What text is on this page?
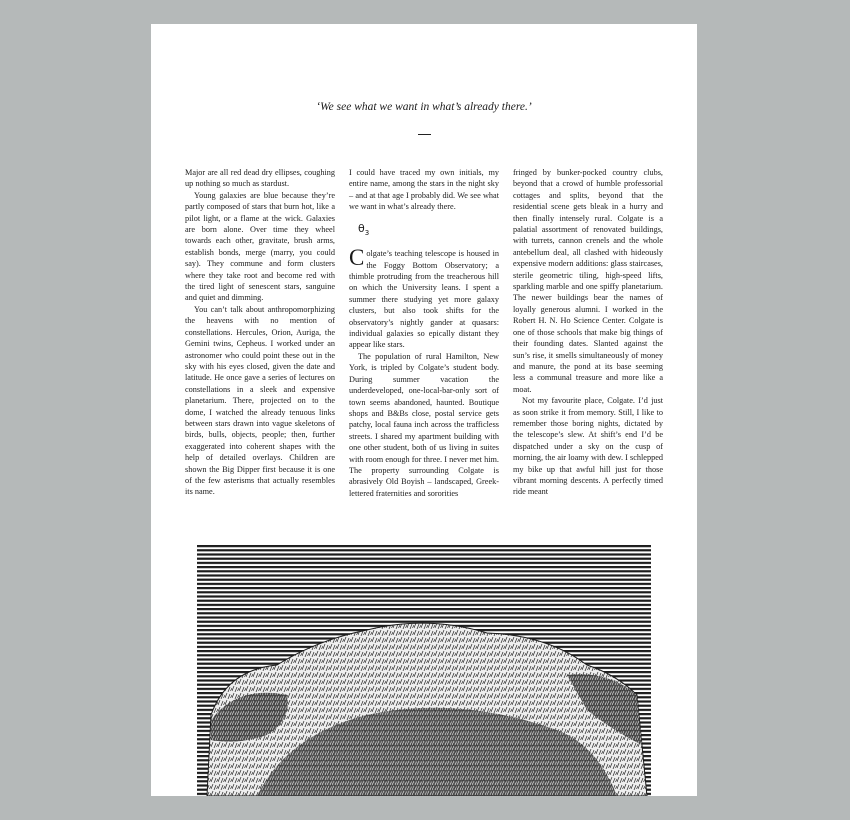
‘We see what we want in what’s already there.’

Major are all red dead dry ellipses, coughing up nothing so much as stardust.

Young galaxies are blue because they’re partly composed of stars that burn hot, like a pilot light, or a flame at the wick. Galaxies are born alone. Over time they wheel towards each other, gravitate, brush arms, establish bonds, merge (marry, you could say). They commune and form clusters where they take root and become red with the tired light of senescent stars, sanguine and quiet and dimming.

You can’t talk about anthropomorphizing the heavens with no mention of constellations. Hercules, Orion, Auriga, the Gemini twins, Cepheus. I worked under an astronomer who could point these out in the sky with his eyes closed, given the date and latitude. He once gave a series of lectures on constellations in a sleek and expensive planetarium. There, projected on to the dome, I watched the already tenuous links between stars drawn into vague skeletons of birds, bulls, objects, people; then, further exaggerated into coherent shapes with the help of detailed overlays. Children are shown the Big Dipper first because it is one of the few asterisms that actually resembles its name.

I could have traced my own initials, my entire name, among the stars in the night sky – and at that age I probably did. We see what we want in what’s already there.

$\theta_3$

Colgate’s teaching telescope is housed in the Foggy Bottom Observatory; a thimble protruding from the treacherous hill on which the University leans. I spent a summer there studying yet more galaxy clusters, but also took shifts for the observatory’s nightly gander at quasars: individual galaxies so epically distant they appear like stars.

The population of rural Hamilton, New York, is tripled by Colgate’s student body. During summer vacation the underdeveloped, one-local-bar-only sort of town seems abandoned, haunted. Boutique shops and B&Bs close, postal service gets patchy, local fauna inch across the trafficless streets. I shared my apartment building with one other student, both of us living in suites with room enough for three. I never met him. The property surrounding Colgate is abrasively Old Boyish – landscaped, Greek-lettered fraternities and sororities

fringed by bunker-pocked country clubs, beyond that a crowd of humble professorial cottages and splits, beyond that the residential scene gets bleak in a hurry and then finally intensely rural. Colgate is a palatial assortment of renovated buildings, with turrets, cannon crenels and the whole antebellum deal, all clashed with hideously expensive modern additions: glass staircases, sterile geometric tiling, high-speed lifts, sparkling marble and one spiffy planetarium. The newer buildings bear the names of loyally generous alumni. I worked in the Robert H. N. Ho Science Center. Colgate is one of those schools that make big things of their founding dates. Slanted against the sun’s rise, it smells simultaneously of money and manure, the pond at its base seeming less a communal treasure and more like a moat.

Not my favourite place, Colgate. I’d just as soon strike it from memory. Still, I like to remember those boring nights, dictated by the telescope’s slew. At shift’s end I’d be dispatched under a sky on the cusp of morning, the air loamy with dew. I schlepped my bike up that awful hill just for those vibrant morning descents. A perfectly timed ride meant
